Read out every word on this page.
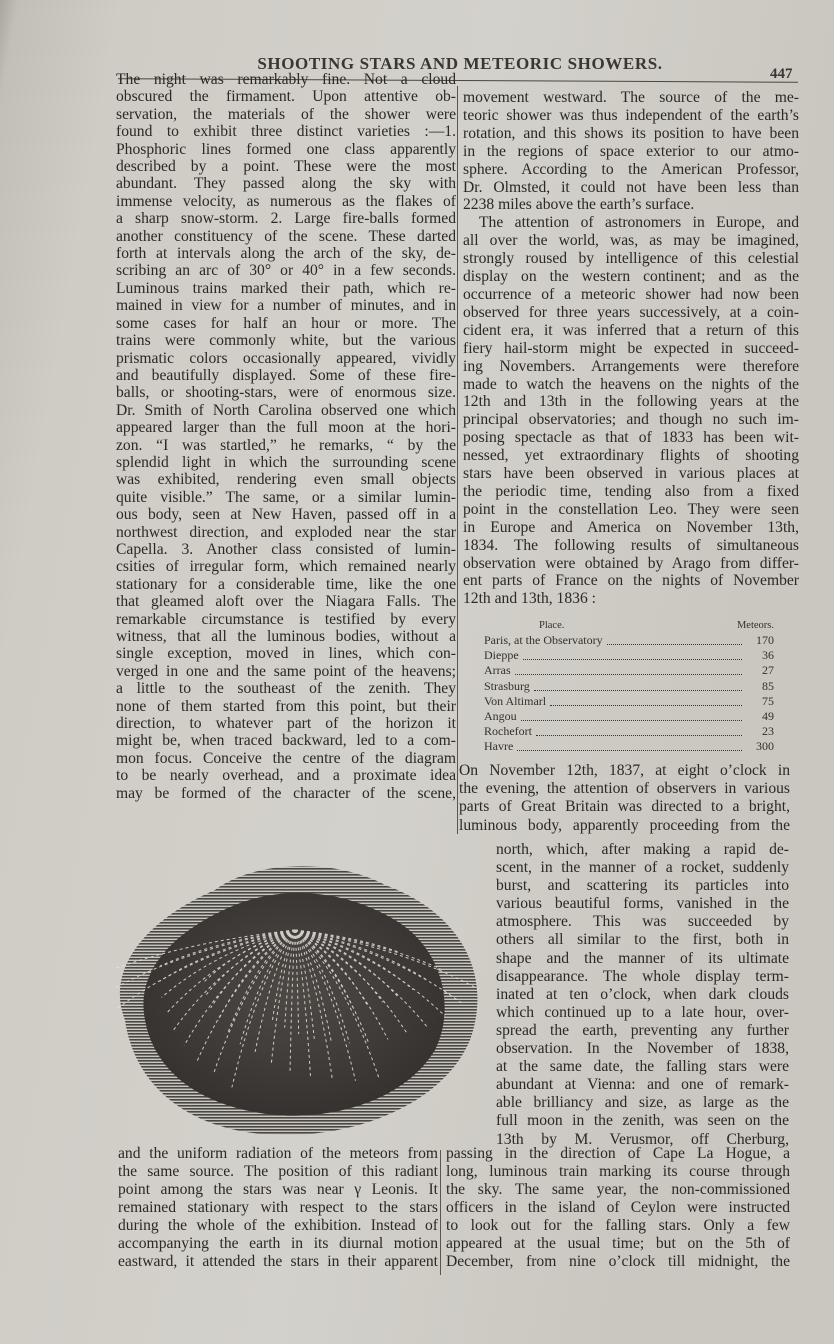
SHOOTING STARS AND METEORIC SHOWERS.
447
The night was remarkably fine. Not a cloud
obscured the firmament. Upon attentive ob-
servation, the materials of the shower were
found to exhibit three distinct varieties :—1.
Phosphoric lines formed one class apparently
described by a point. These were the most
abundant. They passed along the sky with
immense velocity, as numerous as the flakes of
a sharp snow-storm. 2. Large fire-balls formed
another constituency of the scene. These darted
forth at intervals along the arch of the sky, de-
scribing an arc of 30° or 40° in a few seconds.
Luminous trains marked their path, which re-
mained in view for a number of minutes, and in
some cases for half an hour or more. The
trains were commonly white, but the various
prismatic colors occasionally appeared, vividly
and beautifully displayed. Some of these fire-
balls, or shooting-stars, were of enormous size.
Dr. Smith of North Carolina observed one which
appeared larger than the full moon at the hori-
zon. “I was startled,” he remarks, “ by the
splendid light in which the surrounding scene
was exhibited, rendering even small objects
quite visible.” The same, or a similar lumin-
ous body, seen at New Haven, passed off in a
northwest direction, and exploded near the star
Capella. 3. Another class consisted of lumin-
csities of irregular form, which remained nearly
stationary for a considerable time, like the one
that gleamed aloft over the Niagara Falls. The
remarkable circumstance is testified by every
witness, that all the luminous bodies, without a
single exception, moved in lines, which con-
verged in one and the same point of the heavens;
a little to the southeast of the zenith. They
none of them started from this point, but their
direction, to whatever part of the horizon it
might be, when traced backward, led to a com-
mon focus. Conceive the centre of the diagram
to be nearly overhead, and a proximate idea
may be formed of the character of the scene,
and the uniform radiation of the meteors from
the same source. The position of this radiant
point among the stars was near γ Leonis. It
remained stationary with respect to the stars
during the whole of the exhibition. Instead of
accompanying the earth in its diurnal motion
eastward, it attended the stars in their apparent
movement westward. The source of the me-
teoric shower was thus independent of the earth’s
rotation, and this shows its position to have been
in the regions of space exterior to our atmo-
sphere. According to the American Professor,
Dr. Olmsted, it could not have been less than
2238 miles above the earth’s surface.
The attention of astronomers in Europe, and
all over the world, was, as may be imagined,
strongly roused by intelligence of this celestial
display on the western continent; and as the
occurrence of a meteoric shower had now been
observed for three years successively, at a coin-
cident era, it was inferred that a return of this
fiery hail-storm might be expected in succeed-
ing Novembers. Arrangements were therefore
made to watch the heavens on the nights of the
12th and 13th in the following years at the
principal observatories; and though no such im-
posing spectacle as that of 1833 has been wit-
nessed, yet extraordinary flights of shooting
stars have been observed in various places at
the periodic time, tending also from a fixed
point in the constellation Leo. They were seen
in Europe and America on November 13th,
1834. The following results of simultaneous
observation were obtained by Arago from differ-
ent parts of France on the nights of November
12th and 13th, 1836 :
Place.	Meteors.
Paris, at the Observatory	170
Dieppe	36
Arras	27
Strasburg	85
Von Altimarl	75
Angou	49
Rochefort	23
Havre	300
On November 12th, 1837, at eight o’clock in
the evening, the attention of observers in various
parts of Great Britain was directed to a bright,
luminous body, apparently proceeding from the
north, which, after making a rapid de-
scent, in the manner of a rocket, suddenly
burst, and scattering its particles into
various beautiful forms, vanished in the
atmosphere. This was succeeded by
others all similar to the first, both in
shape and the manner of its ultimate
disappearance. The whole display term-
inated at ten o’clock, when dark clouds
which continued up to a late hour, over-
spread the earth, preventing any further
observation. In the November of 1838,
at the same date, the falling stars were
abundant at Vienna: and one of remark-
able brilliancy and size, as large as the
full moon in the zenith, was seen on the
13th by M. Verusmor, off Cherburg,
passing in the direction of Cape La Hogue, a
long, luminous train marking its course through
the sky. The same year, the non-commissioned
officers in the island of Ceylon were instructed
to look out for the falling stars. Only a few
appeared at the usual time; but on the 5th of
December, from nine o’clock till midnight, the
